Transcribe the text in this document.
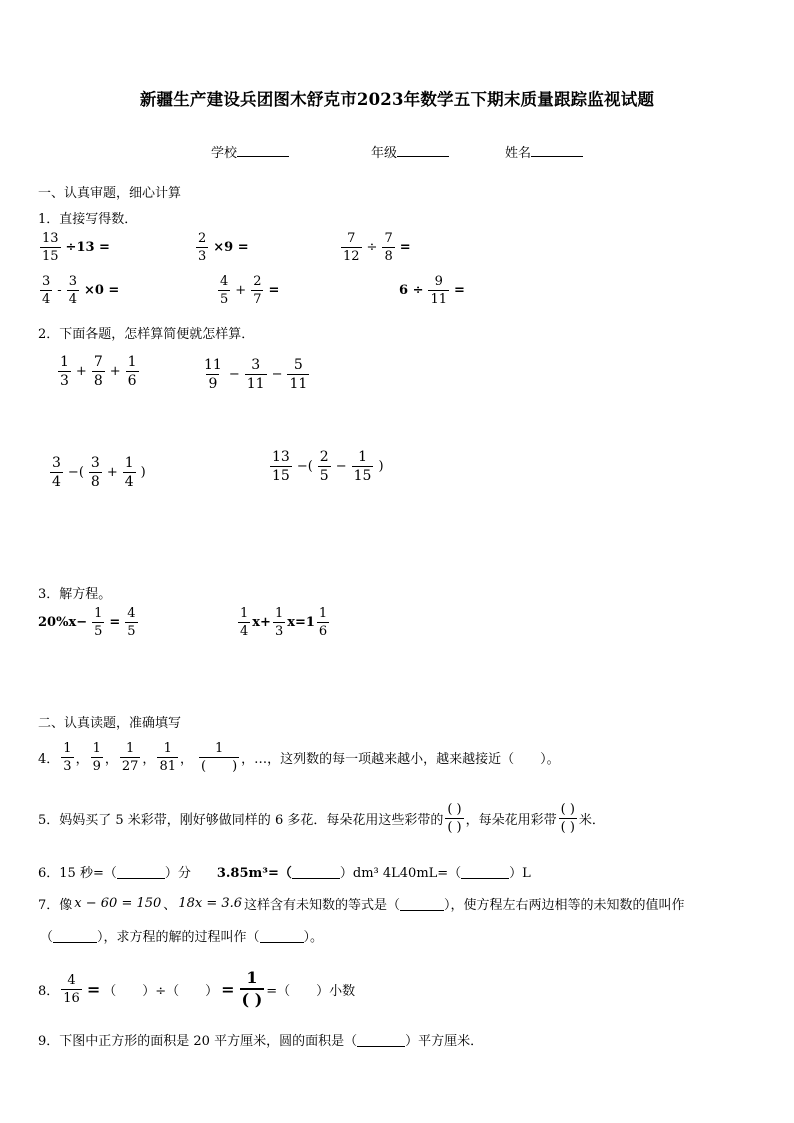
新疆生产建设兵团图木舒克市2023年数学五下期末质量跟踪监视试题
学校	年级	姓名
一、认真审题，细心计算
1．直接写得数．
$\frac{13}{15} \div 13$ =	$\frac{2}{3} \times 9$ =	$\frac{7}{12} \div \frac{7}{8}$ =
$\frac{3}{4} - \frac{3}{4} \times 0$ =	$\frac{4}{5} + \frac{2}{7}$ =	$6 \div \frac{9}{11}$ =
2．下面各题，怎样算简便就怎样算．
$\frac{1}{3} + \frac{7}{8} + \frac{1}{6}$	$\frac{11}{9} - \frac{3}{11} - \frac{5}{11}$
$\frac{3}{4}$ −( $\frac{3}{8} + \frac{1}{4}$ )	$\frac{13}{15}$ −( $\frac{2}{5} - \frac{1}{15}$ )
3．解方程。
$20\%x- \frac{1}{5} = \frac{4}{5}$	$\frac{1}{4} x+ \frac{1}{3} x=1 \frac{1}{6}$
二、认真读题，准确填写
4． $\frac{1}{3}$ ， $\frac{1}{9}$ ， $\frac{1}{27}$ ， $\frac{1}{81}$ ， $\frac{1}{( )}$ ，…，这列数的每一项越来越小，越来越接近（　　）。
5．妈妈买了 5 米彩带，刚好够做同样的 6 多花．每朵花用这些彩带的 $\frac{( )}{( )}$ ，每朵花用彩带 $\frac{( )}{( )}$ 米．
6．15 秒=（	）分 3.85m³=（	）dm³ 4L40mL=（	）L
7．像 x − 60 = 150 、 18x = 3.6 这样含有未知数的等式是（	），使方程左右两边相等的未知数的值叫作
（	），求方程的解的过程叫作（	）。
8． $\frac{4}{16}$ = （　　）÷（　　） = $\frac{1}{( )}$ =（　　）小数
9．下图中正方形的面积是 20 平方厘米，圆的面积是（	）平方厘米．
